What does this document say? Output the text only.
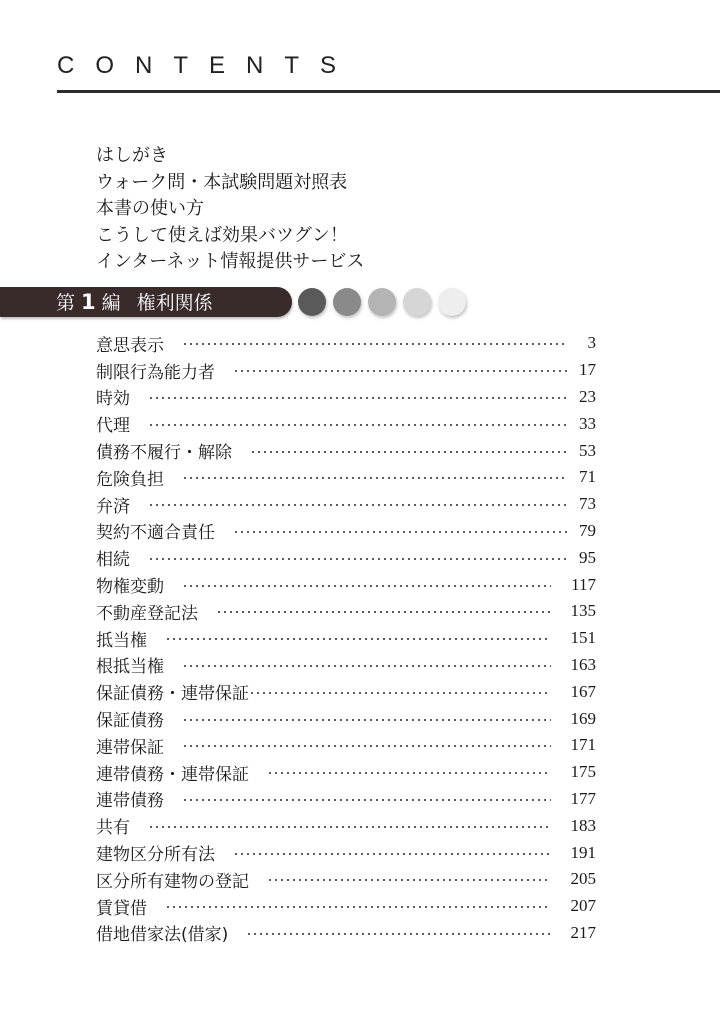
CONTENTS
はしがき
ウォーク問・本試験問題対照表
本書の使い方
こうして使えば効果バツグン！
インターネット情報提供サービス
第 1 編 権利関係
意思表示	3
制限行為能力者	17
時効	23
代理	33
債務不履行・解除	53
危険負担	71
弁済	73
契約不適合責任	79
相続	95
物権変動	117
不動産登記法	135
抵当権	151
根抵当権	163
保証債務・連帯保証	167
保証債務	169
連帯保証	171
連帯債務・連帯保証	175
連帯債務	177
共有	183
建物区分所有法	191
区分所有建物の登記	205
賃貸借	207
借地借家法(借家)	217
